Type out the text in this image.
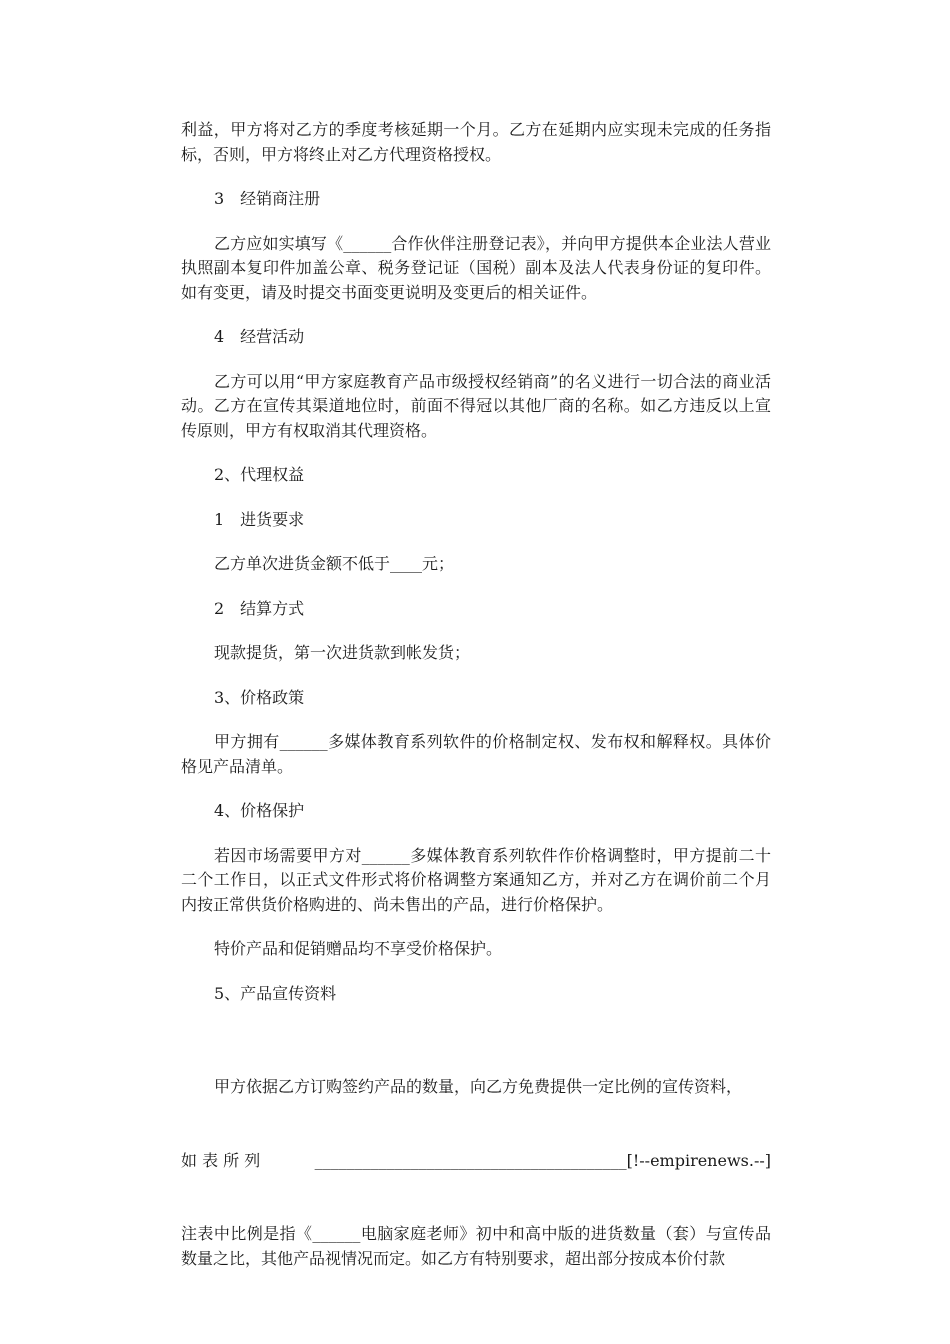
利益，甲方将对乙方的季度考核延期一个月。乙方在延期内应实现未完成的任务指标，否则，甲方将终止对乙方代理资格授权。

3　经销商注册

乙方应如实填写《______合作伙伴注册登记表》，并向甲方提供本企业法人营业执照副本复印件加盖公章、税务登记证（国税）副本及法人代表身份证的复印件。如有变更，请及时提交书面变更说明及变更后的相关证件。

4　经营活动

乙方可以用“甲方家庭教育产品市级授权经销商”的名义进行一切合法的商业活动。乙方在宣传其渠道地位时，前面不得冠以其他厂商的名称。如乙方违反以上宣传原则，甲方有权取消其代理资格。

2、代理权益

1　进货要求

乙方单次进货金额不低于____元；

2　结算方式

现款提货，第一次进货款到帐发货；

3、价格政策

甲方拥有______多媒体教育系列软件的价格制定权、发布权和解释权。具体价格见产品清单。

4、价格保护

若因市场需要甲方对______多媒体教育系列软件作价格调整时，甲方提前二十二个工作日，以正式文件形式将价格调整方案通知乙方，并对乙方在调价前二个月内按正常供货价格购进的、尚未售出的产品，进行价格保护。

特价产品和促销赠品均不享受价格保护。

5、产品宣传资料

甲方依据乙方订购签约产品的数量，向乙方免费提供一定比例的宣传资料，

如 表 所 列	_______________________________________[!--empirenews.--]

注表中比例是指《______电脑家庭老师》初中和高中版的进货数量（套）与宣传品数量之比，其他产品视情况而定。如乙方有特别要求，超出部分按成本价付款
